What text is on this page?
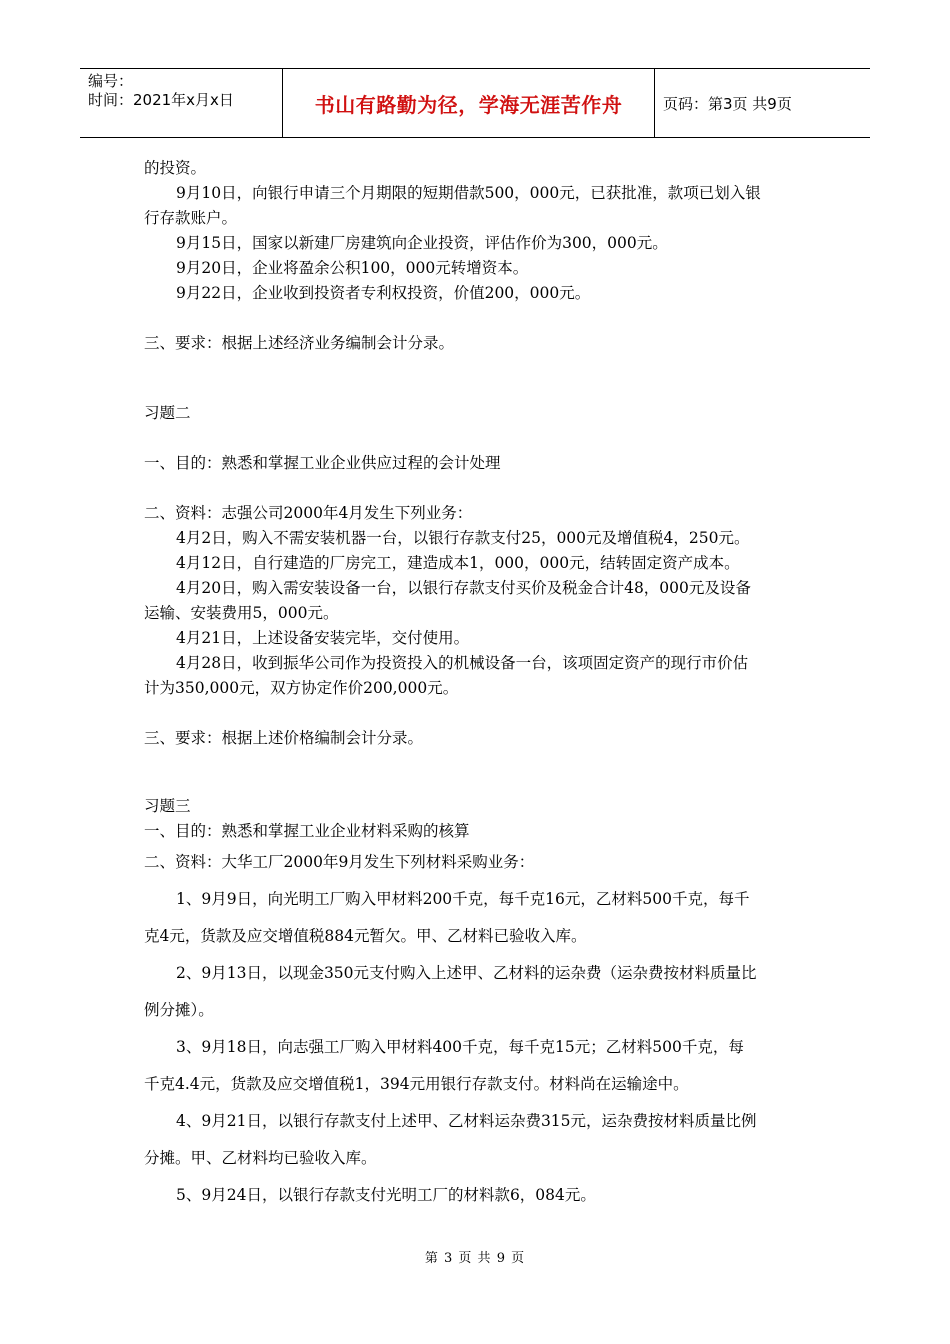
编号：
时间：2021年x月x日	书山有路勤为径，学海无涯苦作舟	页码：第3页 共9页
的投资。
9月10日，向银行申请三个月期限的短期借款500，000元，已获批准，款项已划入银
行存款账户。
9月15日，国家以新建厂房建筑向企业投资，评估作价为300，000元。
9月20日，企业将盈余公积100，000元转增资本。
9月22日，企业收到投资者专利权投资，价值200，000元。
三、要求：根据上述经济业务编制会计分录。
习题二
一、目的：熟悉和掌握工业企业供应过程的会计处理
二、资料：志强公司2000年4月发生下列业务：
4月2日，购入不需安装机器一台，以银行存款支付25，000元及增值税4，250元。
4月12日，自行建造的厂房完工，建造成本1，000，000元，结转固定资产成本。
4月20日，购入需安装设备一台，以银行存款支付买价及税金合计48，000元及设备
运输、安装费用5，000元。
4月21日，上述设备安装完毕，交付使用。
4月28日，收到振华公司作为投资投入的机械设备一台，该项固定资产的现行市价估
计为350,000元，双方协定作价200,000元。
三、要求：根据上述价格编制会计分录。
习题三
一、目的：熟悉和掌握工业企业材料采购的核算
二、资料：大华工厂2000年9月发生下列材料采购业务：
1、9月9日，向光明工厂购入甲材料200千克，每千克16元，乙材料500千克，每千
克4元，货款及应交增值税884元暂欠。甲、乙材料已验收入库。
2、9月13日，以现金350元支付购入上述甲、乙材料的运杂费（运杂费按材料质量比
例分摊）。
3、9月18日，向志强工厂购入甲材料400千克，每千克15元；乙材料500千克，每
千克4.4元，货款及应交增值税1，394元用银行存款支付。材料尚在运输途中。
4、9月21日，以银行存款支付上述甲、乙材料运杂费315元，运杂费按材料质量比例
分摊。甲、乙材料均已验收入库。
5、9月24日，以银行存款支付光明工厂的材料款6，084元。
第 3 页 共 9 页
